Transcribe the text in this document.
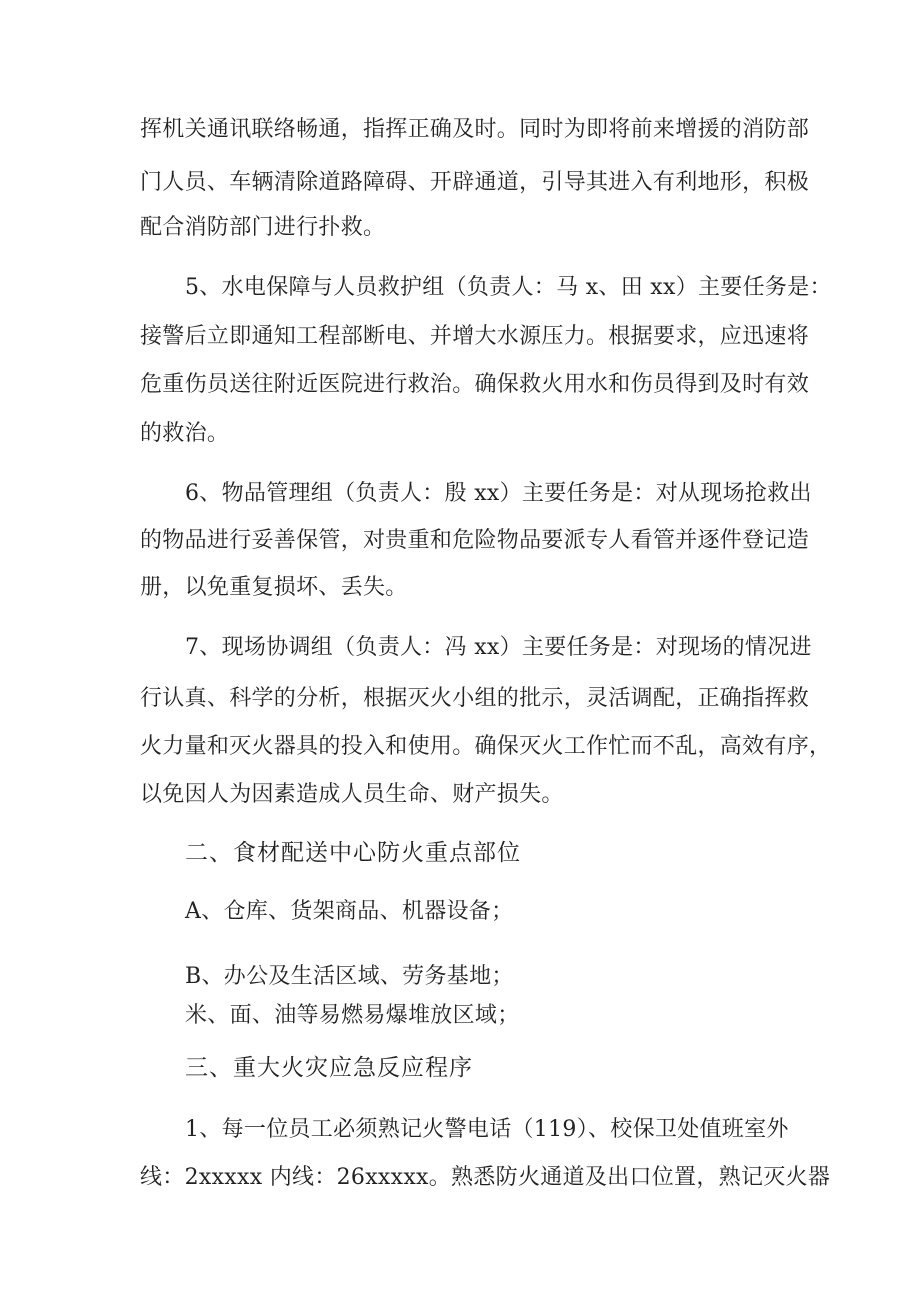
挥机关通讯联络畅通，指挥正确及时。同时为即将前来增援的消防部
门人员、车辆清除道路障碍、开辟通道，引导其进入有利地形，积极
配合消防部门进行扑救。
5、水电保障与人员救护组（负责人：马 x、田 xx）主要任务是：
接警后立即通知工程部断电、并增大水源压力。根据要求，应迅速将
危重伤员送往附近医院进行救治。确保救火用水和伤员得到及时有效
的救治。
6、物品管理组（负责人：殷 xx）主要任务是：对从现场抢救出
的物品进行妥善保管，对贵重和危险物品要派专人看管并逐件登记造
册，以免重复损坏、丢失。
7、现场协调组（负责人：冯 xx）主要任务是：对现场的情况进
行认真、科学的分析，根据灭火小组的批示，灵活调配，正确指挥救
火力量和灭火器具的投入和使用。确保灭火工作忙而不乱，高效有序，
以免因人为因素造成人员生命、财产损失。
二、食材配送中心防火重点部位
A、仓库、货架商品、机器设备；
B、办公及生活区域、劳务基地；
米、面、油等易燃易爆堆放区域；
三、重大火灾应急反应程序
1、每一位员工必须熟记火警电话（119）、校保卫处值班室外
线：2xxxxx 内线：26xxxxx。熟悉防火通道及出口位置，熟记灭火器
